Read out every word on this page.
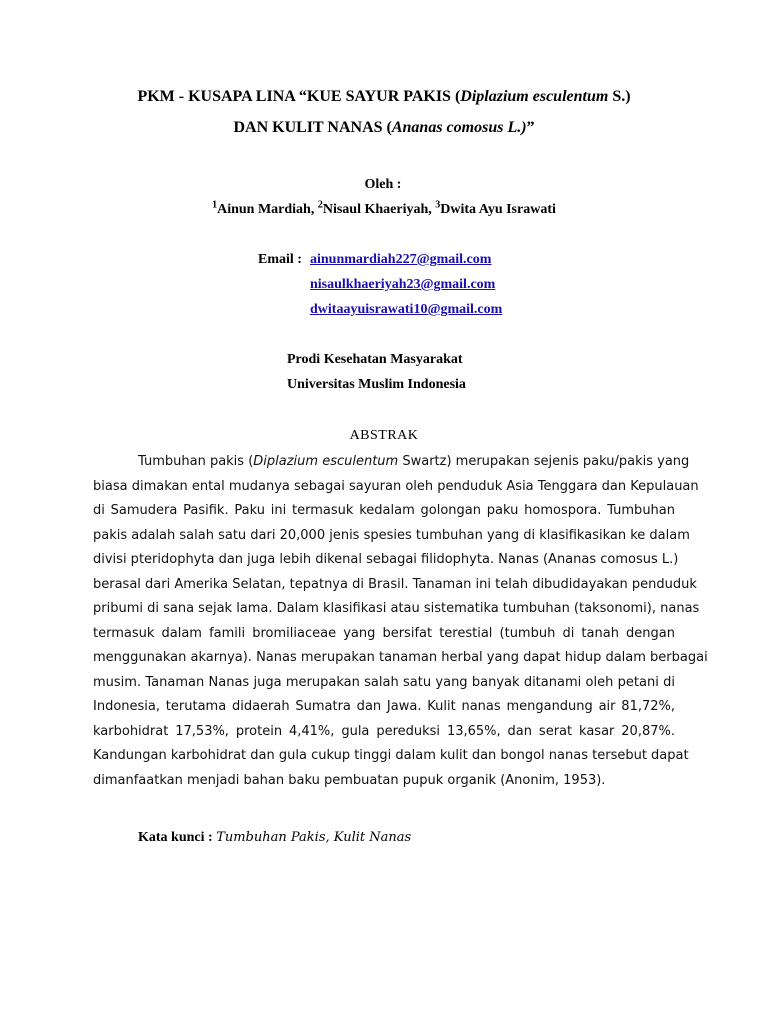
PKM - KUSAPA LINA “KUE SAYUR PAKIS (Diplazium esculentum S.)
DAN KULIT NANAS (Ananas comosus L.)”
Oleh :
$^1$Ainun Mardiah, $^2$Nisaul Khaeriyah, $^3$Dwita Ayu Israwati
Email : ainunmardiah227@gmail.com
nisaulkhaeriyah23@gmail.com
dwitaayuisrawati10@gmail.com
Prodi Kesehatan Masyarakat
Universitas Muslim Indonesia
ABSTRAK
Tumbuhan pakis (Diplazium esculentum Swartz) merupakan sejenis paku/pakis yang
biasa dimakan ental mudanya sebagai sayuran oleh penduduk Asia Tenggara dan Kepulauan
di Samudera Pasifik. Paku ini termasuk kedalam golongan paku homospora. Tumbuhan
pakis adalah salah satu dari 20,000 jenis spesies tumbuhan yang di klasifikasikan ke dalam
divisi pteridophyta dan juga lebih dikenal sebagai filidophyta. Nanas (Ananas comosus L.)
berasal dari Amerika Selatan, tepatnya di Brasil. Tanaman ini telah dibudidayakan penduduk
pribumi di sana sejak lama. Dalam klasifikasi atau sistematika tumbuhan (taksonomi), nanas
termasuk dalam famili bromiliaceae yang bersifat terestial (tumbuh di tanah dengan
menggunakan akarnya). Nanas merupakan tanaman herbal yang dapat hidup dalam berbagai
musim. Tanaman Nanas juga merupakan salah satu yang banyak ditanami oleh petani di
Indonesia, terutama didaerah Sumatra dan Jawa. Kulit nanas mengandung air 81,72%,
karbohidrat 17,53%, protein 4,41%, gula pereduksi 13,65%, dan serat kasar 20,87%.
Kandungan karbohidrat dan gula cukup tinggi dalam kulit dan bongol nanas tersebut dapat
dimanfaatkan menjadi bahan baku pembuatan pupuk organik (Anonim, 1953).
Kata kunci : Tumbuhan Pakis, Kulit Nanas
